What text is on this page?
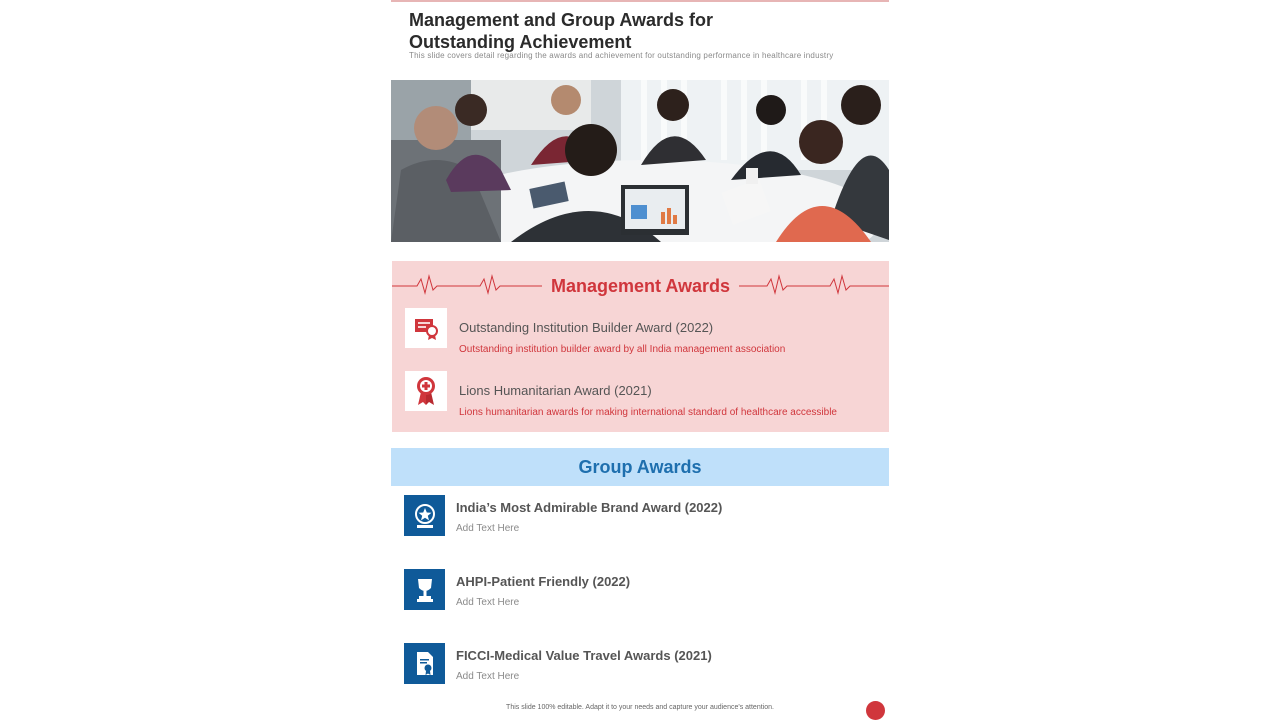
Management and Group Awards for
Outstanding Achievement
This slide covers detail regarding the awards and achievement for outstanding performance in healthcare industry
Management Awards
Outstanding Institution Builder Award (2022)
Outstanding institution builder award by all India management association
Lions Humanitarian Award (2021)
Lions humanitarian awards for making international standard of healthcare accessible
Group Awards
India’s Most Admirable Brand Award (2022)
Add Text Here
AHPI-Patient Friendly (2022)
Add Text Here
FICCI-Medical Value Travel Awards (2021)
Add Text Here
This slide 100% editable. Adapt it to your needs and capture your audience's attention.
